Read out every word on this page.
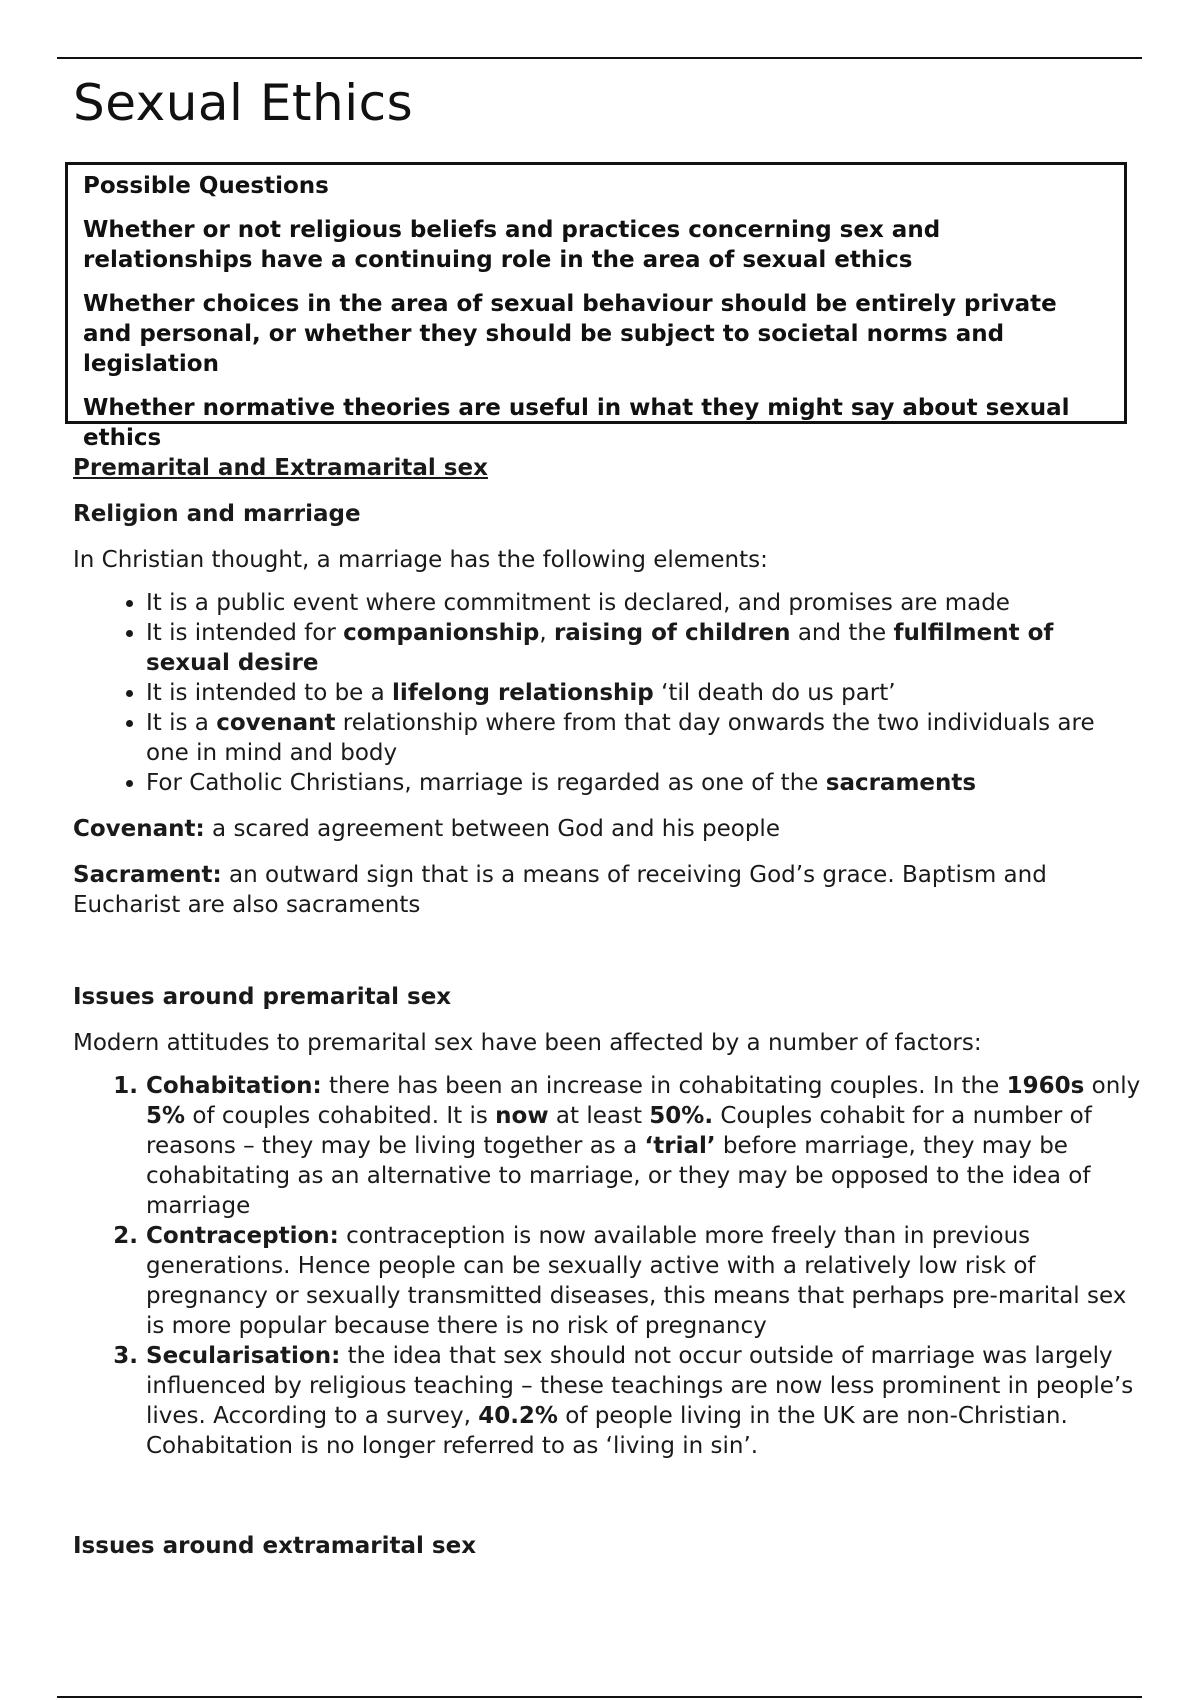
Sexual Ethics

Possible Questions

Whether or not religious beliefs and practices concerning sex and relationships have a continuing role in the area of sexual ethics

Whether choices in the area of sexual behaviour should be entirely private and personal, or whether they should be subject to societal norms and legislation

Whether normative theories are useful in what they might say about sexual ethics

Premarital and Extramarital sex

Religion and marriage

In Christian thought, a marriage has the following elements:

• It is a public event where commitment is declared, and promises are made
• It is intended for companionship, raising of children and the fulfilment of sexual desire
• It is intended to be a lifelong relationship ‘til death do us part’
• It is a covenant relationship where from that day onwards the two individuals are one in mind and body
• For Catholic Christians, marriage is regarded as one of the sacraments

Covenant: a scared agreement between God and his people

Sacrament: an outward sign that is a means of receiving God’s grace. Baptism and Eucharist are also sacraments

Issues around premarital sex

Modern attitudes to premarital sex have been affected by a number of factors:

1. Cohabitation: there has been an increase in cohabitating couples. In the 1960s only 5% of couples cohabited. It is now at least 50%. Couples cohabit for a number of reasons – they may be living together as a ‘trial’ before marriage, they may be cohabitating as an alternative to marriage, or they may be opposed to the idea of marriage
2. Contraception: contraception is now available more freely than in previous generations. Hence people can be sexually active with a relatively low risk of pregnancy or sexually transmitted diseases, this means that perhaps pre-marital sex is more popular because there is no risk of pregnancy
3. Secularisation: the idea that sex should not occur outside of marriage was largely influenced by religious teaching – these teachings are now less prominent in people’s lives. According to a survey, 40.2% of people living in the UK are non-Christian. Cohabitation is no longer referred to as ‘living in sin’.

Issues around extramarital sex
